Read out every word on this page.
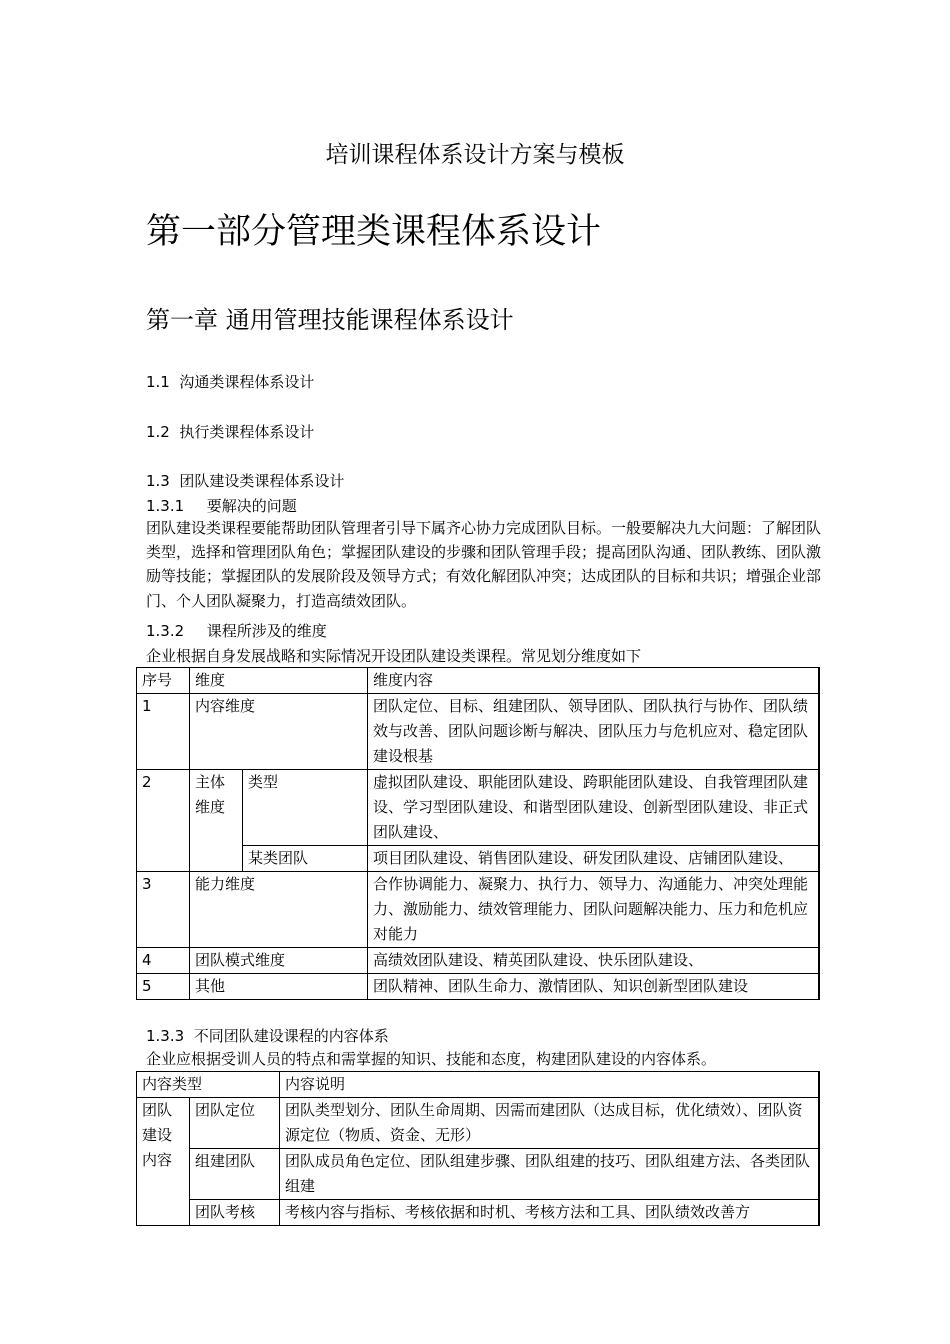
培训课程体系设计方案与模板
第一部分管理类课程体系设计
第一章 通用管理技能课程体系设计
1.1 沟通类课程体系设计
1.2 执行类课程体系设计
1.3 团队建设类课程体系设计
1.3.1 要解决的问题
团队建设类课程要能帮助团队管理者引导下属齐心协力完成团队目标。一般要解决九大问题：了解团队类型，选择和管理团队角色；掌握团队建设的步骤和团队管理手段；提高团队沟通、团队教练、团队激励等技能；掌握团队的发展阶段及领导方式；有效化解团队冲突；达成团队的目标和共识；增强企业部门、个人团队凝聚力，打造高绩效团队。
1.3.2 课程所涉及的维度
企业根据自身发展战略和实际情况开设团队建设类课程。常见划分维度如下
序号	维度		维度内容
1	内容维度		团队定位、目标、组建团队、领导团队、团队执行与协作、团队绩效与改善、团队问题诊断与解决、团队压力与危机应对、稳定团队建设根基
2	主体维度	类型	虚拟团队建设、职能团队建设、跨职能团队建设、自我管理团队建设、学习型团队建设、和谐型团队建设、创新型团队建设、非正式团队建设、
		某类团队	项目团队建设、销售团队建设、研发团队建设、店铺团队建设、
3	能力维度		合作协调能力、凝聚力、执行力、领导力、沟通能力、冲突处理能力、激励能力、绩效管理能力、团队问题解决能力、压力和危机应对能力
4	团队模式维度		高绩效团队建设、精英团队建设、快乐团队建设、
5	其他		团队精神、团队生命力、激情团队、知识创新型团队建设
1.3.3 不同团队建设课程的内容体系
企业应根据受训人员的特点和需掌握的知识、技能和态度，构建团队建设的内容体系。
内容类型		内容说明

团队建设内容	团队定位	团队类型划分、团队生命周期、因需而建团队（达成目标，优化绩效）、团队资源定位（物质、资金、无形）
	组建团队	团队成员角色定位、团队组建步骤、团队组建的技巧、团队组建方法、各类团队组建
	团队考核	考核内容与指标、考核依据和时机、考核方法和工具、团队绩效改善方
